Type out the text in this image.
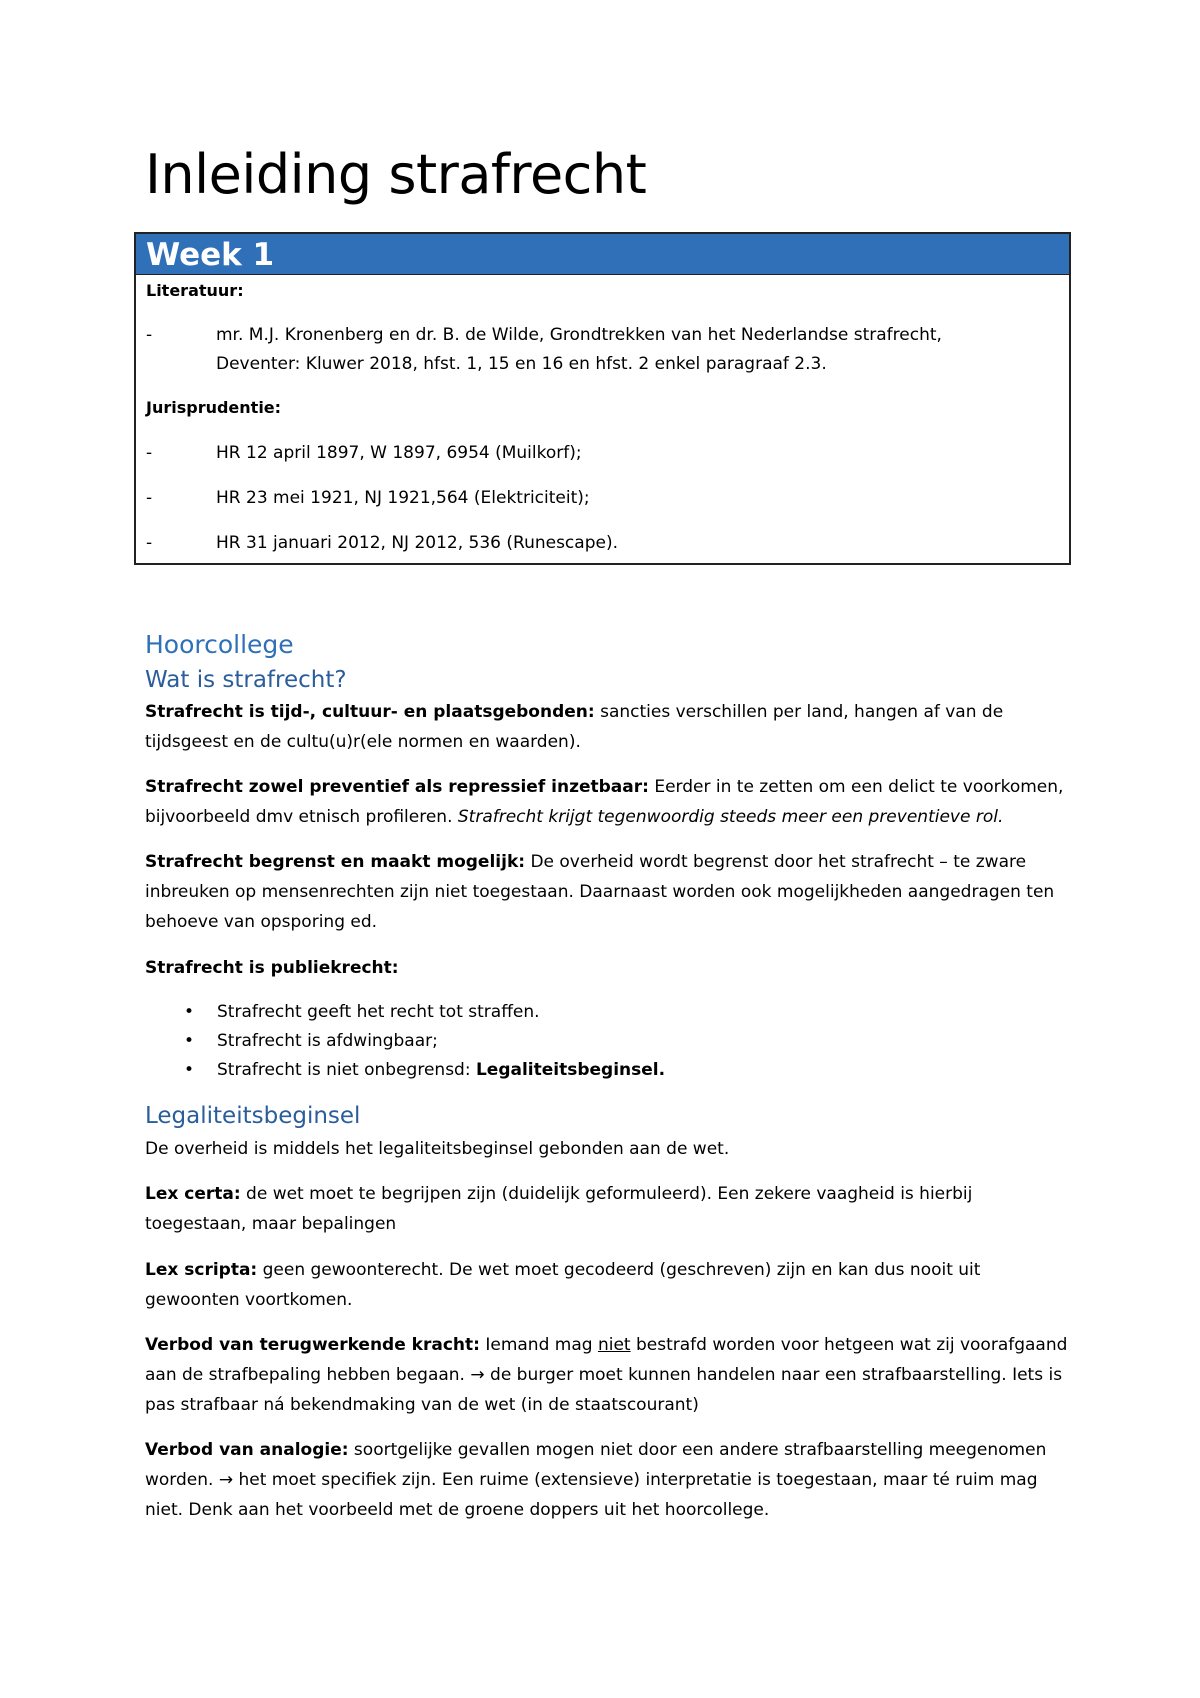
Inleiding strafrecht
Week 1
Literatuur:
-	mr. M.J. Kronenberg en dr. B. de Wilde, Grondtrekken van het Nederlandse strafrecht,
Deventer: Kluwer 2018, hfst. 1, 15 en 16 en hfst. 2 enkel paragraaf 2.3.
Jurisprudentie:
-	HR 12 april 1897, W 1897, 6954 (Muilkorf);
-	HR 23 mei 1921, NJ 1921,564 (Elektriciteit);
-	HR 31 januari 2012, NJ 2012, 536 (Runescape).
Hoorcollege
Wat is strafrecht?

Strafrecht is tijd-, cultuur- en plaatsgebonden: sancties verschillen per land, hangen af van de tijdsgeest en de cultu(u)r(ele normen en waarden).

Strafrecht zowel preventief als repressief inzetbaar: Eerder in te zetten om een delict te voorkomen, bijvoorbeeld dmv etnisch profileren. Strafrecht krijgt tegenwoordig steeds meer een preventieve rol.

Strafrecht begrenst en maakt mogelijk: De overheid wordt begrenst door het strafrecht – te zware inbreuken op mensenrechten zijn niet toegestaan. Daarnaast worden ook mogelijkheden aangedragen ten behoeve van opsporing ed.

Strafrecht is publiekrecht:

• Strafrecht geeft het recht tot straffen.
• Strafrecht is afdwingbaar;
• Strafrecht is niet onbegrensd: Legaliteitsbeginsel.
Legaliteitsbeginsel

De overheid is middels het legaliteitsbeginsel gebonden aan de wet.

Lex certa: de wet moet te begrijpen zijn (duidelijk geformuleerd). Een zekere vaagheid is hierbij toegestaan, maar bepalingen

Lex scripta: geen gewoonterecht. De wet moet gecodeerd (geschreven) zijn en kan dus nooit uit gewoonten voortkomen.

Verbod van terugwerkende kracht: Iemand mag niet bestrafd worden voor hetgeen wat zij voorafgaand aan de strafbepaling hebben begaan. → de burger moet kunnen handelen naar een strafbaarstelling. Iets is pas strafbaar ná bekendmaking van de wet (in de staatscourant)

Verbod van analogie: soortgelijke gevallen mogen niet door een andere strafbaarstelling meegenomen worden. → het moet specifiek zijn. Een ruime (extensieve) interpretatie is toegestaan, maar té ruim mag niet. Denk aan het voorbeeld met de groene doppers uit het hoorcollege.
